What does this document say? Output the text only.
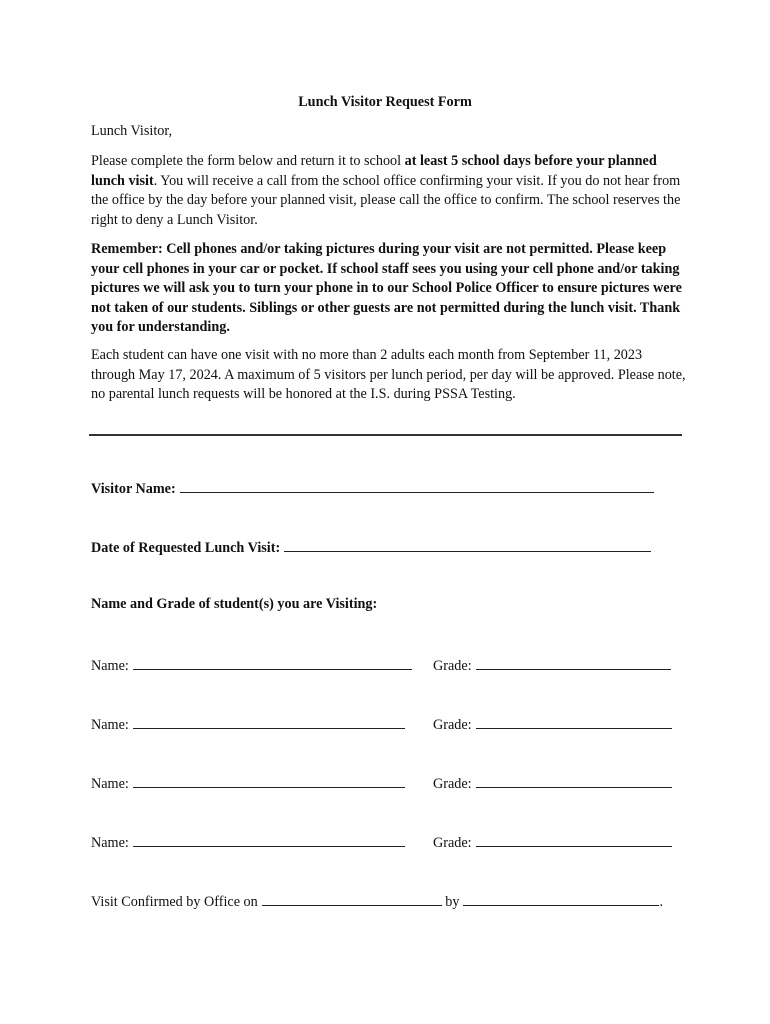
Lunch Visitor Request Form
Lunch Visitor,
Please complete the form below and return it to school at least 5 school days before your planned lunch visit. You will receive a call from the school office confirming your visit. If you do not hear from the office by the day before your planned visit, please call the office to confirm. The school reserves the right to deny a Lunch Visitor.
Remember: Cell phones and/or taking pictures during your visit are not permitted. Please keep your cell phones in your car or pocket. If school staff sees you using your cell phone and/or taking pictures we will ask you to turn your phone in to our School Police Officer to ensure pictures were not taken of our students. Siblings or other guests are not permitted during the lunch visit. Thank you for understanding.
Each student can have one visit with no more than 2 adults each month from September 11, 2023 through May 17, 2024. A maximum of 5 visitors per lunch period, per day will be approved. Please note, no parental lunch requests will be honored at the I.S. during PSSA Testing.
Visitor Name:
Date of Requested Lunch Visit:
Name and Grade of student(s) you are Visiting:
Name:	Grade:
Name:	Grade:
Name:	Grade:
Name:	Grade:
Visit Confirmed by Office on	by	.
